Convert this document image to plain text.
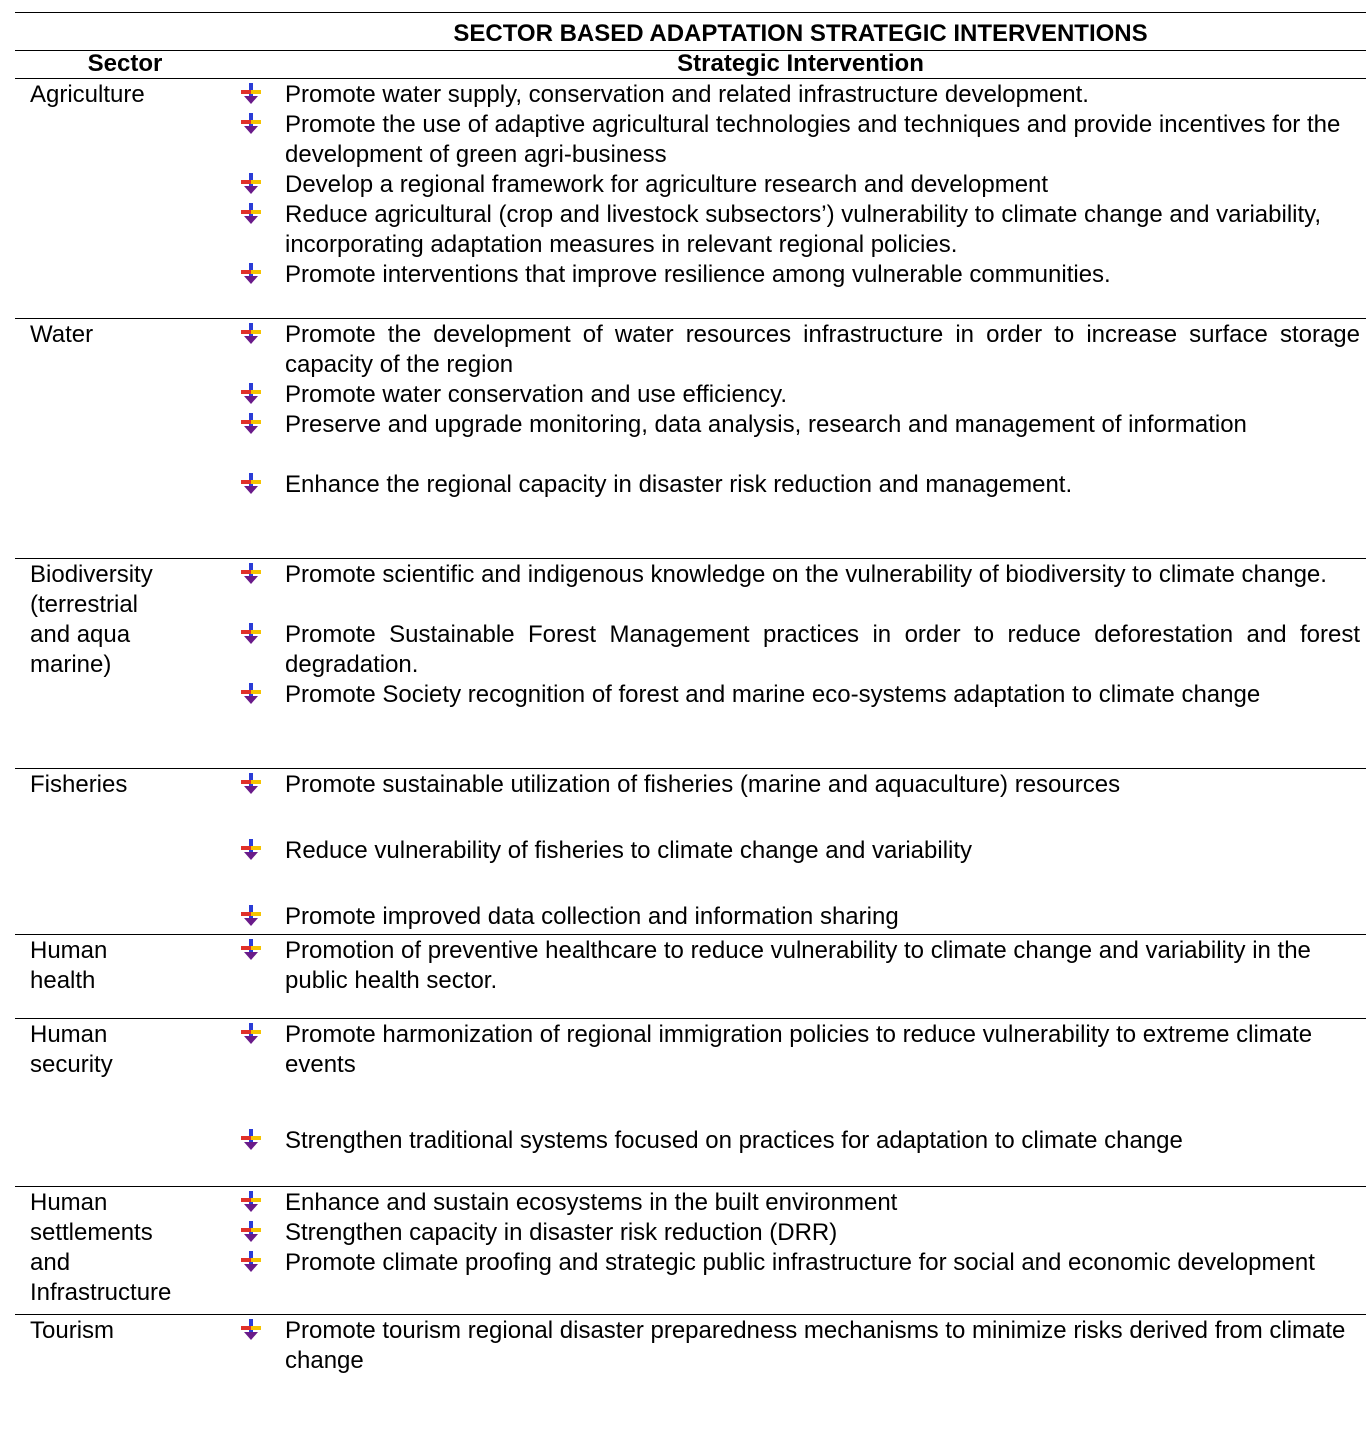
SECTOR BASED ADAPTATION STRATEGIC INTERVENTIONS
Sector	Strategic Intervention
Agriculture
Water
Biodiversity
(terrestrial
and aqua
marine)
Fisheries
Human
health
Human
security
Human
settlements
and
Infrastructure
Tourism
Promote water supply, conservation and related infrastructure development.
Promote the use of adaptive agricultural technologies and techniques and provide incentives for the development of green agri-business
Develop a regional framework for agriculture research and development
Reduce agricultural (crop and livestock subsectors’) vulnerability to climate change and variability, incorporating adaptation measures in relevant regional policies.
Promote interventions that improve resilience among vulnerable communities.
Promote the development of water resources infrastructure in order to increase surface storage capacity of the region
Promote water conservation and use efficiency.
Preserve and upgrade monitoring, data analysis, research and management of information
Enhance the regional capacity in disaster risk reduction and management.
Promote scientific and indigenous knowledge on the vulnerability of biodiversity to climate change.
Promote Sustainable Forest Management practices in order to reduce deforestation and forest degradation.
Promote Society recognition of forest and marine eco-systems adaptation to climate change
Promote sustainable utilization of fisheries (marine and aquaculture) resources
Reduce vulnerability of fisheries to climate change and variability
Promote improved data collection and information sharing
Promotion of preventive healthcare to reduce vulnerability to climate change and variability in the public health sector.
Promote harmonization of regional immigration policies to reduce vulnerability to extreme climate events
Strengthen traditional systems focused on practices for adaptation to climate change
Enhance and sustain ecosystems in the built environment
Strengthen capacity in disaster risk reduction (DRR)
Promote climate proofing and strategic public infrastructure for social and economic development
Promote tourism regional disaster preparedness mechanisms to minimize risks derived from climate change
